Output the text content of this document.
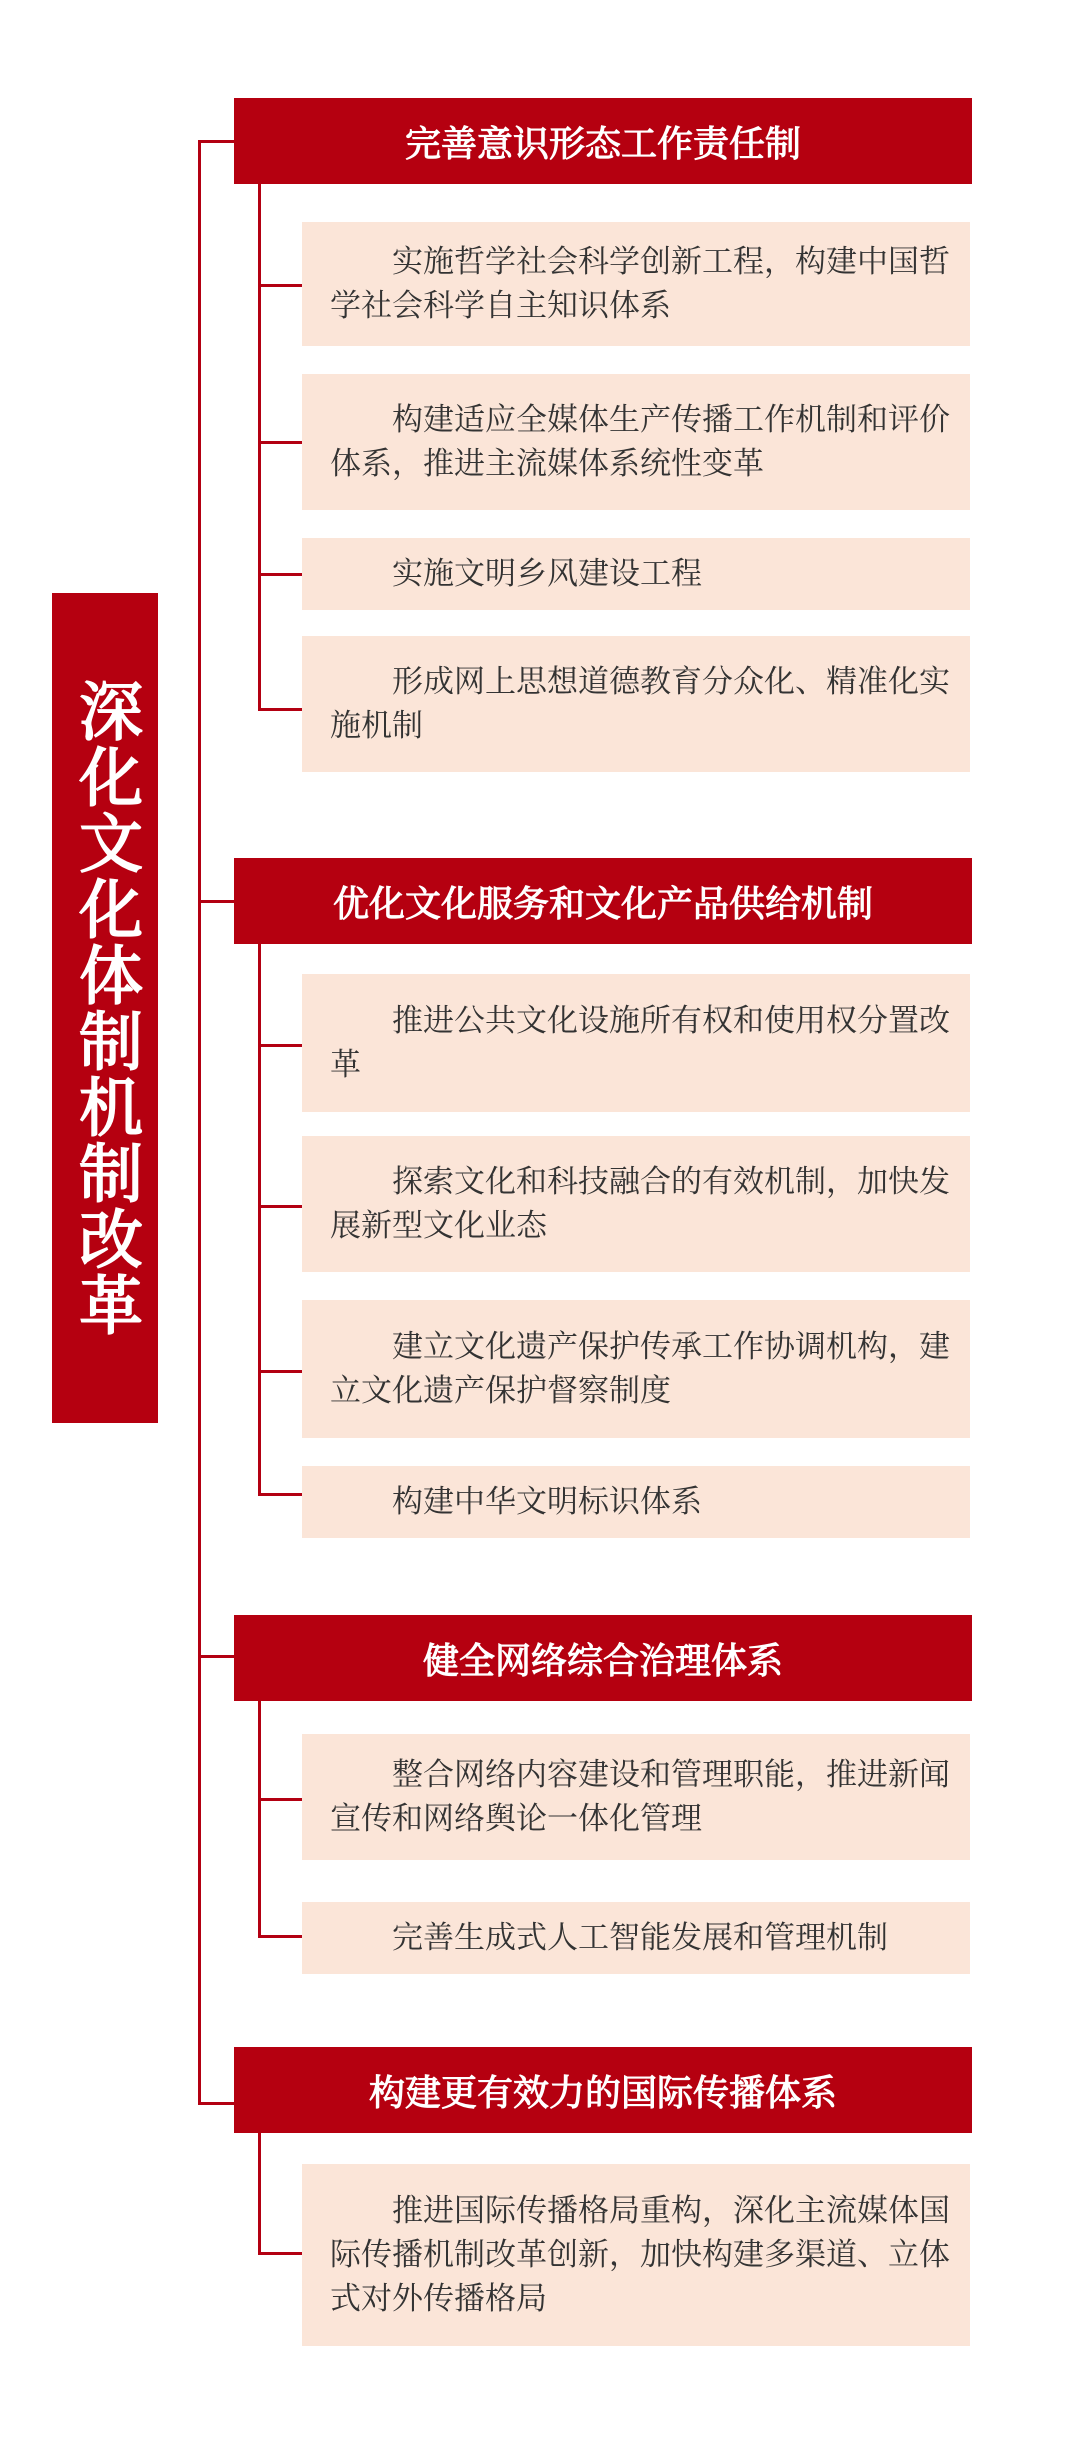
深化文化体制机制改革
完善意识形态工作责任制
实施哲学社会科学创新工程，构建中国哲学社会科学自主知识体系
构建适应全媒体生产传播工作机制和评价体系，推进主流媒体系统性变革
实施文明乡风建设工程
形成网上思想道德教育分众化、精准化实施机制
优化文化服务和文化产品供给机制
推进公共文化设施所有权和使用权分置改革
探索文化和科技融合的有效机制，加快发展新型文化业态
建立文化遗产保护传承工作协调机构，建立文化遗产保护督察制度
构建中华文明标识体系
健全网络综合治理体系
整合网络内容建设和管理职能，推进新闻宣传和网络舆论一体化管理
完善生成式人工智能发展和管理机制
构建更有效力的国际传播体系
推进国际传播格局重构，深化主流媒体国际传播机制改革创新，加快构建多渠道、立体式对外传播格局
